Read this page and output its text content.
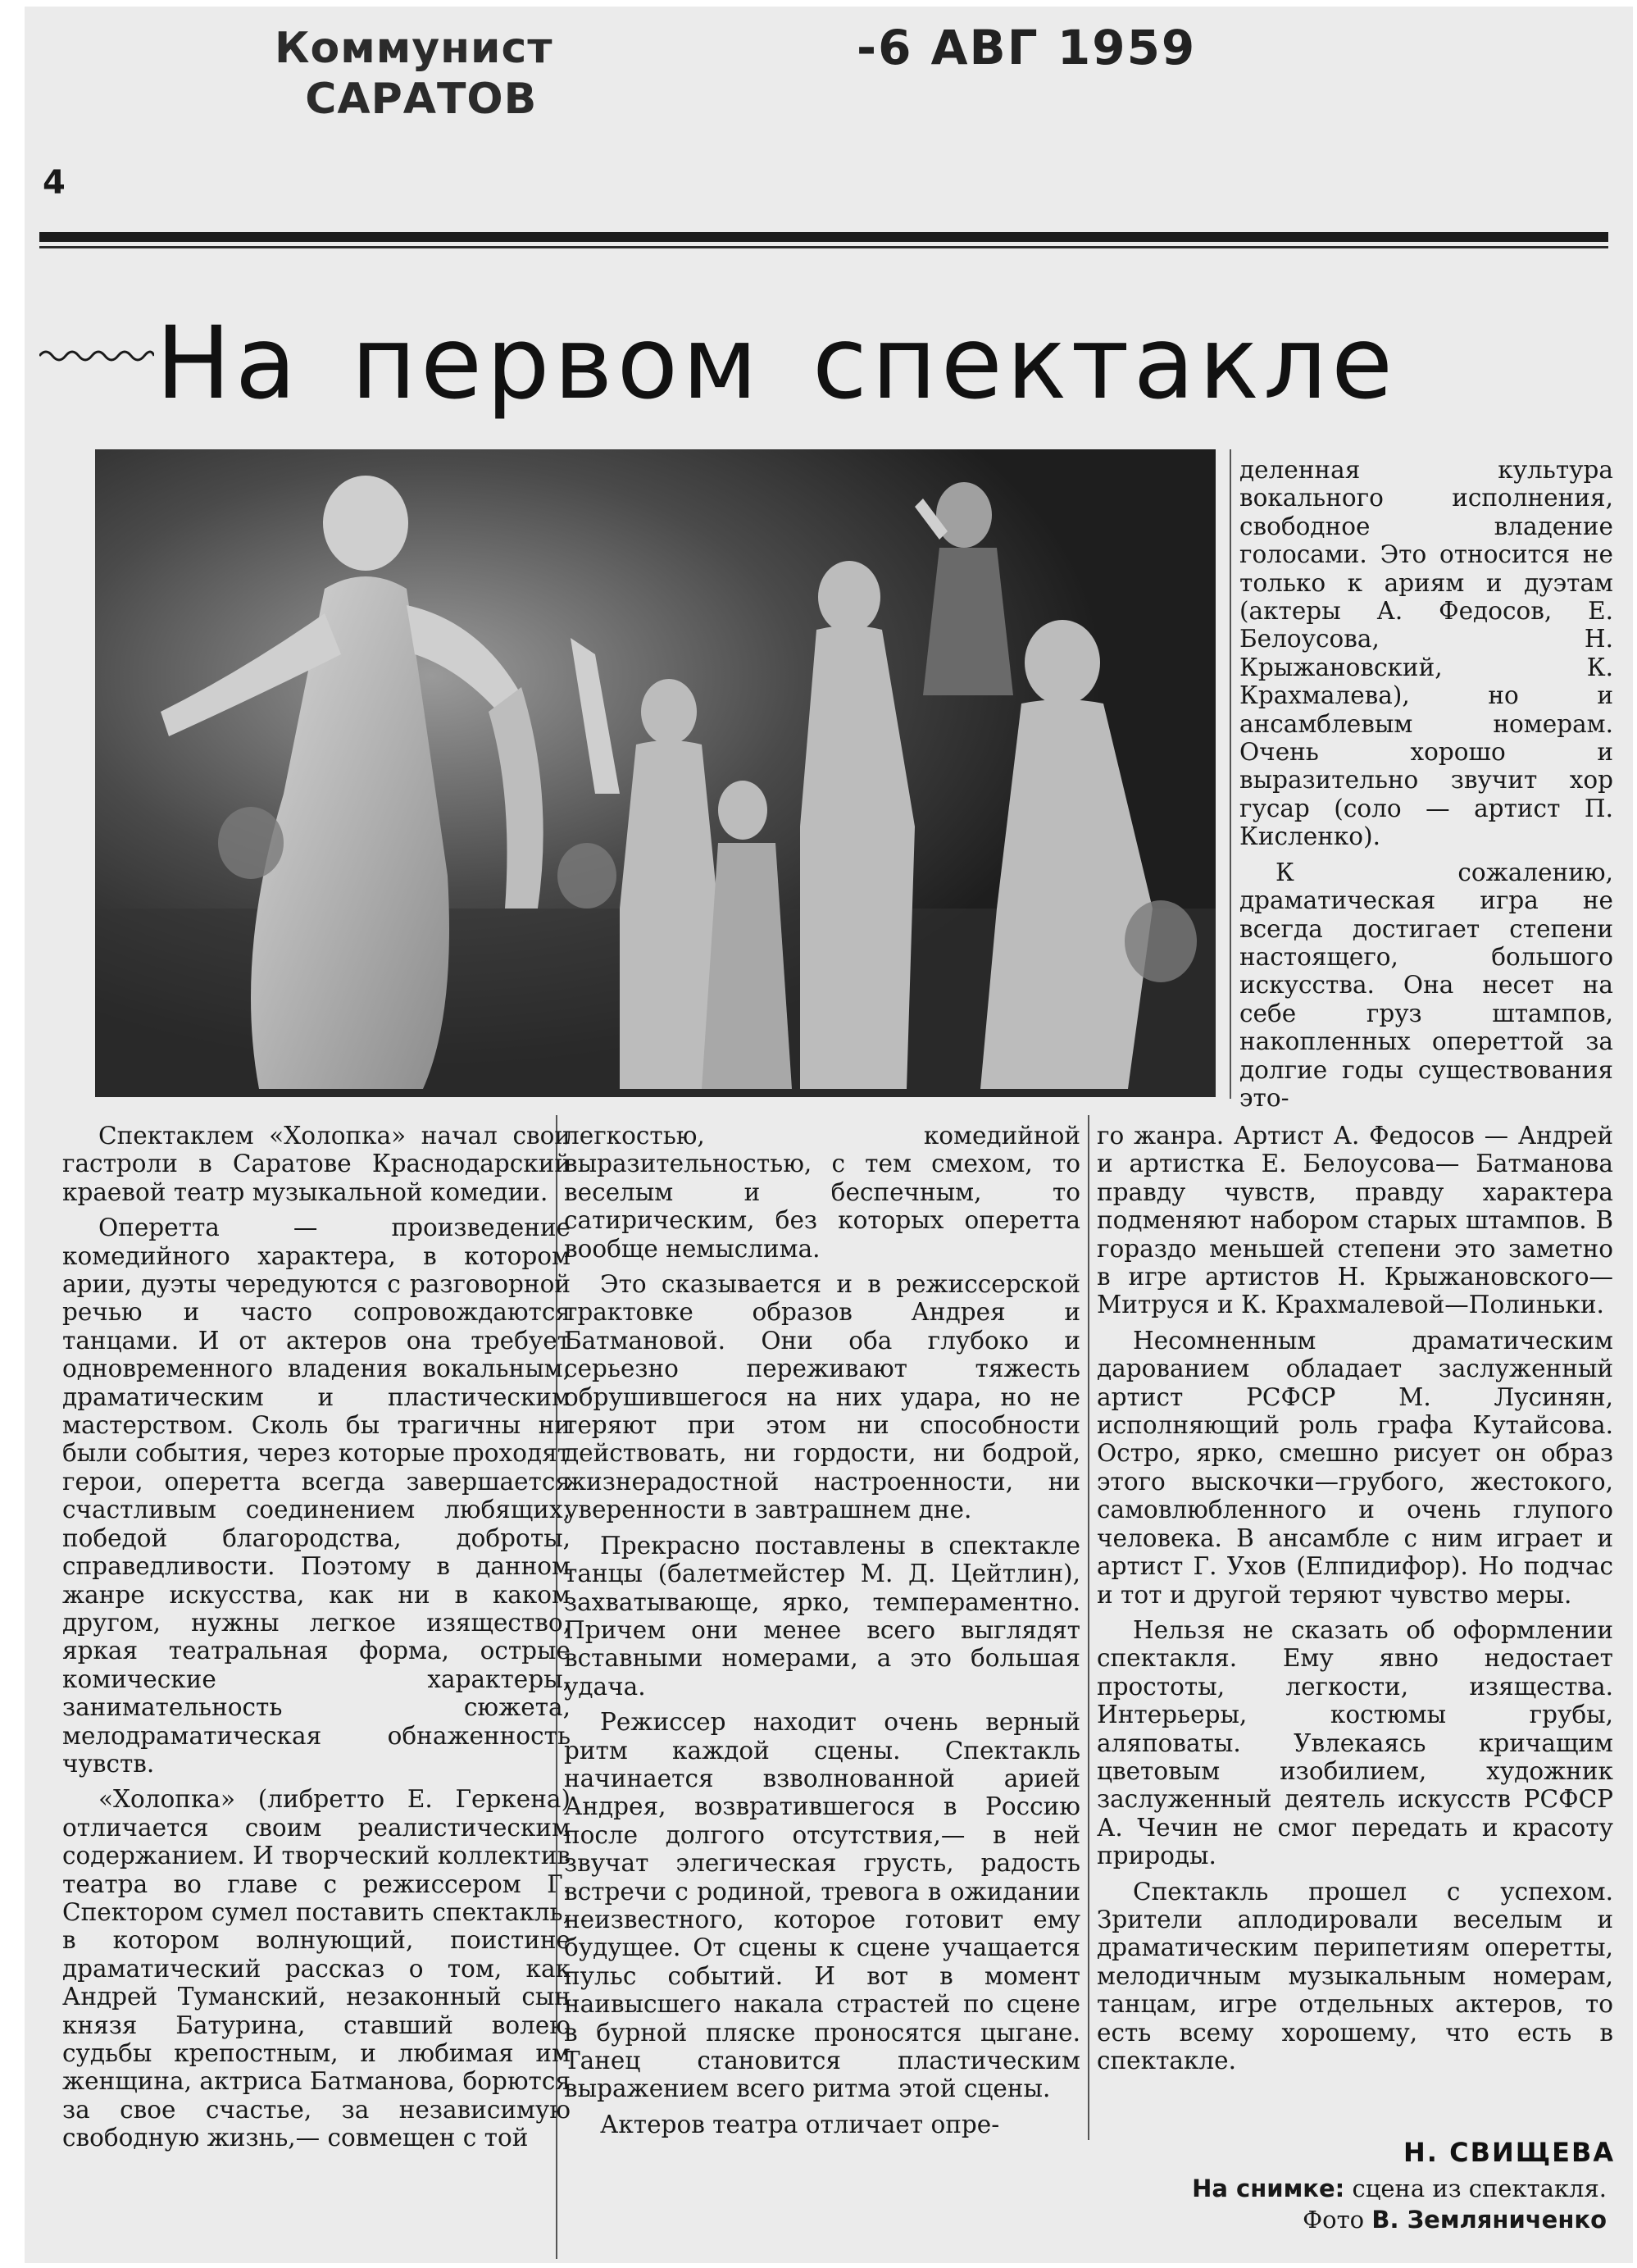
Коммунист
САРАТОВ
-6 АВГ 1959
4
На первом спектакле

деленная культура вокального исполнения, свободное владение голосами. Это относится не только к ариям и дуэтам (актеры А. Федосов, Е. Белоусова, Н. Крыжановский, К. Крахмалева), но и ансамблевым номерам. Очень хорошо и выразительно звучит хор гусар (соло — артист П. Кисленко).

К сожалению, драматическая игра не всегда достигает степени настоящего, большого искусства. Она несет на себе груз штампов, накопленных опереттой за долгие годы существования это-

Спектаклем «Холопка» начал свои гастроли в Саратове Краснодарский краевой театр музыкальной комедии.

Оперетта — произведение комедийного характера, в котором арии, дуэты чередуются с разговорной речью и часто сопровождаются танцами. И от актеров она требует одновременного владения вокальным, драматическим и пластическим мастерством. Сколь бы трагичны ни были события, через которые проходят герои, оперетта всегда завершается счастливым соединением любящих, победой благородства, доброты, справедливости. Поэтому в данном жанре искусства, как ни в каком другом, нужны легкое изящество, яркая театральная форма, острые комические характеры, занимательность сюжета, мелодраматическая обнаженность чувств.

«Холопка» (либретто Е. Геркена) отличается своим реалистическим содержанием. И творческий коллектив театра во главе с режиссером Г. Спектором сумел поставить спектакль, в котором волнующий, поистине драматический рассказ о том, как Андрей Туманский, незаконный сын князя Батурина, ставший волею судьбы крепостным, и любимая им женщина, актриса Батманова, борются за свое счастье, за независимую свободную жизнь,— совмещен с той

легкостью, комедийной выразительностью, с тем смехом, то веселым и беспечным, то сатирическим, без которых оперетта вообще немыслима.

Это сказывается и в режиссерской трактовке образов Андрея и Батмановой. Они оба глубоко и серьезно переживают тяжесть обрушившегося на них удара, но не теряют при этом ни способности действовать, ни гордости, ни бодрой, жизнерадостной настроенности, ни уверенности в завтрашнем дне.

Прекрасно поставлены в спектакле танцы (балетмейстер М. Д. Цейтлин), захватывающе, ярко, темпераментно. Причем они менее всего выглядят вставными номерами, а это большая удача.

Режиссер находит очень верный ритм каждой сцены. Спектакль начинается взволнованной арией Андрея, возвратившегося в Россию после долгого отсутствия,— в ней звучат элегическая грусть, радость встречи с родиной, тревога в ожидании неизвестного, которое готовит ему будущее. От сцены к сцене учащается пульс событий. И вот в момент наивысшего накала страстей по сцене в бурной пляске проносятся цыгане. Танец становится пластическим выражением всего ритма этой сцены.

Актеров театра отличает опре-

го жанра. Артист А. Федосов — Андрей и артистка Е. Белоусова— Батманова правду чувств, правду характера подменяют набором старых штампов. В гораздо меньшей степени это заметно в игре артистов Н. Крыжановского—Митруся и К. Крахмалевой—Полиньки.

Несомненным драматическим дарованием обладает заслуженный артист РСФСР М. Лусинян, исполняющий роль графа Кутайсова. Остро, ярко, смешно рисует он образ этого выскочки—грубого, жестокого, самовлюбленного и очень глупого человека. В ансамбле с ним играет и артист Г. Ухов (Елпидифор). Но подчас и тот и другой теряют чувство меры.

Нельзя не сказать об оформлении спектакля. Ему явно недостает простоты, легкости, изящества. Интерьеры, костюмы грубы, аляповаты. Увлекаясь кричащим цветовым изобилием, художник заслуженный деятель искусств РСФСР А. Чечин не смог передать и красоту природы.

Спектакль прошел с успехом. Зрители аплодировали веселым и драматическим перипетиям оперетты, мелодичным музыкальным номерам, танцам, игре отдельных актеров, то есть всему хорошему, что есть в спектакле.

Н. СВИЩЕВА
На снимке: сцена из спектакля.
Фото В. Земляниченко
